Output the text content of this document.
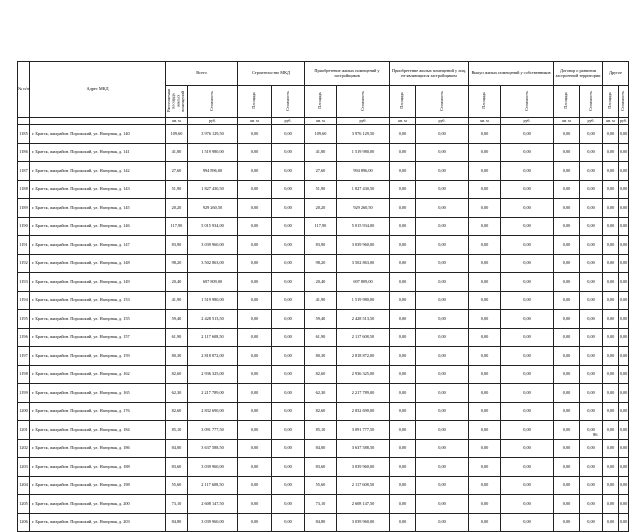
№ п/п	Адрес МКД	Всего		Строительство МКД		Приобретение жилых помещений у застройщиков		Приобретение жилых помещений у лиц, не являющихся застройщиком		Выкуп жилых помещений у собственников		Договор о развитии застроенной территории		Другое	
		Расселяемая площадь жилых помещений	Стоимость	Площадь	Стоимость	Площадь	Стоимость	Площадь	Стоимость	Площадь	Стоимость	Площадь	Стоимость	Площадь	Стоимость
		кв. м	руб.	кв. м	руб.	кв. м	руб.	кв. м	руб.	кв. м	руб.	кв. м	руб.	кв. м	руб.
1185	г. Братск, жилрайон. Порожский, ул. Нагорная, д. 140	109,60	3 976 129,50	0,00	0,00	109,60	3 976 129,50	0,00	0,00	0,00	0,00	0,00	0,00	0,00	0,00
1186	г. Братск, жилрайон. Порожский, ул. Нагорная, д. 141	41,80	1 519 980,00	0,00	0,00	41,80	1 519 980,00	0,00	0,00	0,00	0,00	0,00	0,00	0,00	0,00
1187	г. Братск, жилрайон. Порожский, ул. Нагорная, д. 142	27,60	994 896,00	0,00	0,00	27,60	994 896,00	0,00	0,00	0,00	0,00	0,00	0,00	0,00	0,00
1188	г. Братск, жилрайон. Порожский, ул. Нагорная, д. 143	51,90	1 827 430,50	0,00	0,00	51,90	1 827 430,50	0,00	0,00	0,00	0,00	0,00	0,00	0,00	0,00
1189	г. Братск, жилрайон. Порожский, ул. Нагорная, д. 145	20,20	929 260,50	0,00	0,00	20,20	929 260,50	0,00	0,00	0,00	0,00	0,00	0,00	0,00	0,00
1190	г. Братск, жилрайон. Порожский, ул. Нагорная, д. 146	117,90	5 015 934,00	0,00	0,00	117,90	5 015 934,00	0,00	0,00	0,00	0,00	0,00	0,00	0,00	0,00
1191	г. Братск, жилрайон. Порожский, ул. Нагорная, д. 147	83,90	3 039 960,00	0,00	0,00	83,90	3 039 960,00	0,00	0,00	0,00	0,00	0,00	0,00	0,00	0,00
1192	г. Братск, жилрайон. Порожский, ул. Нагорная, д. 148	98,20	3 502 863,00	0,00	0,00	98,20	3 502 863,00	0,00	0,00	0,00	0,00	0,00	0,00	0,00	0,00
1193	г. Братск, жилрайон. Порожский, ул. Нагорная, д. 149	20,40	697 809,00	0,00	0,00	20,40	697 809,00	0,00	0,00	0,00	0,00	0,00	0,00	0,00	0,00
1194	г. Братск, жилрайон. Порожский, ул. Нагорная, д. 153	41,90	1 519 980,00	0,00	0,00	41,90	1 519 980,00	0,00	0,00	0,00	0,00	0,00	0,00	0,00	0,00
1195	г. Братск, жилрайон. Порожский, ул. Нагорная, д. 155	59,40	2 428 513,50	0,00	0,00	59,40	2 428 513,50	0,00	0,00	0,00	0,00	0,00	0,00	0,00	0,00
1196	г. Братск, жилрайон. Порожский, ул. Нагорная, д. 157	61,90	2 117 608,50	0,00	0,00	61,90	2 117 608,50	0,00	0,00	0,00	0,00	0,00	0,00	0,00	0,00
1197	г. Братск, жилрайон. Порожский, ул. Нагорная, д. 159	80,30	2 818 872,00	0,00	0,00	80,30	2 818 872,00	0,00	0,00	0,00	0,00	0,00	0,00	0,00	0,00
1198	г. Братск, жилрайон. Порожский, ул. Нагорная, д. 162	82,60	2 936 325,00	0,00	0,00	82,60	2 936 325,00	0,00	0,00	0,00	0,00	0,00	0,00	0,00	0,00
1199	г. Братск, жилрайон. Порожский, ул. Нагорная, д. 165	62,30	2 217 789,00	0,00	0,00	62,30	2 217 789,00	0,00	0,00	0,00	0,00	0,00	0,00	0,00	0,00
1200	г. Братск, жилрайон. Порожский, ул. Нагорная, д. 176	82,60	2 832 690,00	0,00	0,00	82,60	2 832 690,00	0,00	0,00	0,00	0,00	0,00	0,00	0,00	0,00
1201	г. Братск, жилрайон. Порожский, ул. Нагорная, д. 184	85,10	3 091 777,50	0,00	0,00	85,10	3 091 777,50	0,00	0,00	0,00	0,00	0,00	0,00	0,00	0,00
1202	г. Братск, жилрайон. Порожский, ул. Нагорная, д. 186	84,00	3 637 588,50	0,00	0,00	84,00	3 637 588,50	0,00	0,00	0,00	0,00	0,00	0,00	0,00	0,00
1203	г. Братск, жилрайон. Порожский, ул. Нагорная, д. 188	83,60	3 039 960,00	0,00	0,00	83,60	3 039 960,00	0,00	0,00	0,00	0,00	0,00	0,00	0,00	0,00
1204	г. Братск, жилрайон. Порожский, ул. Нагорная, д. 198	55,60	2 117 608,50	0,00	0,00	55,60	2 117 608,50	0,00	0,00	0,00	0,00	0,00	0,00	0,00	0,00
1205	г. Братск, жилрайон. Порожский, ул. Нагорная, д. 200	73,10	2 608 147,50	0,00	0,00	73,10	2 608 147,50	0,00	0,00	0,00	0,00	0,00	0,00	0,00	0,00
1206	г. Братск, жилрайон. Порожский, ул. Нагорная, д. 203	84,80	3 039 960,00	0,00	0,00	84,80	3 039 960,00	0,00	0,00	0,00	0,00	0,00	0,00	0,00	0,00
86
